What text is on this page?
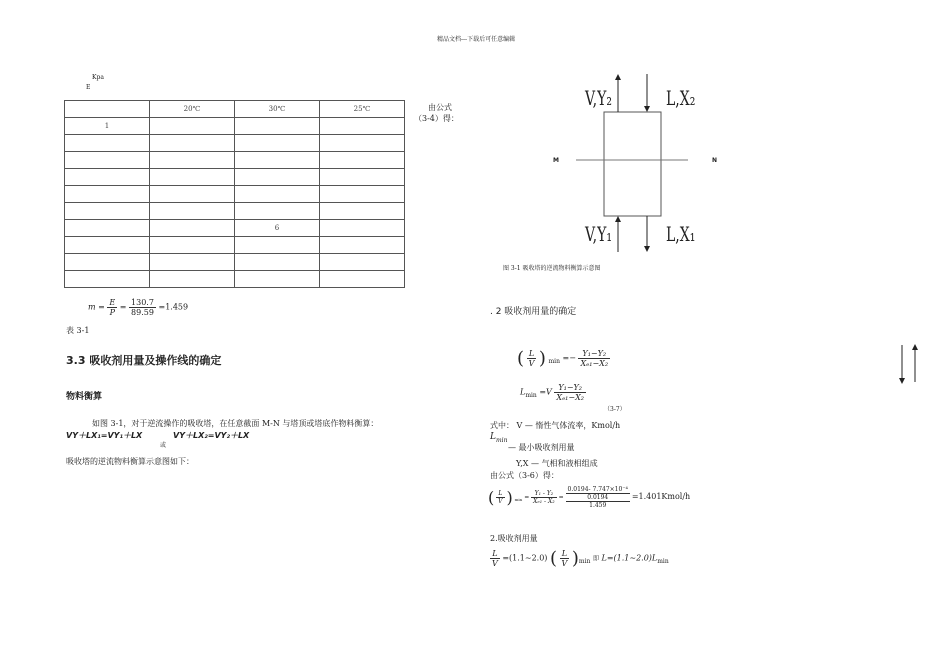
精品文档---下载后可任意编辑
Kpa
E
	20℃	30℃	25℃
1			

		6	

由公式
（3-4）得：
$m = \frac{E}{P} = \frac{130.7}{89.59} =1.459$
表 3-1
3.3 吸收剂用量及操作线的确定
物料衡算
如图 3-1，对于逆流操作的吸收塔，在任意截面 M-N 与塔顶或塔底作物料衡算：
VY＋LX₁=VY₁＋LX
或
VY＋LX₂=VY₂＋LX
吸收塔的逆流物料衡算示意图如下：
V,Y₂	L,X₂
V,Y₁	L,X₁
M	N
图 3-1 吸收塔的逆流物料衡算示意图
. 2 吸收剂用量的确定
( $\frac{L}{V}$ ) $_{min} =- \frac{\text{Y₁−Y₂}}{\text{Xₑ₁−X₂}}$
$L_{min} =V \frac{\text{Y₁−Y₂}}{\text{Xₑ₁−X₂}}$
（3-7）
式中： V — 惰性气体流率，Kmol/h
$L_{min}$
— 最小吸收剂用量
Y,X — 气相和液相组成
由公式（3-6）得：
( $\frac{L}{V}$ ) $_{min} = \frac{\text{Y₁ - Y₂}}{\text{Xₑ₁ - X₂}}$ =
0.0194- 7.747×10⁻⁴
0.0194
1.459
=1.401Kmol/h
2.吸收剂用量
$\frac{L}{V}$ =(1.1~2.0) ( $\frac{L}{V} )_{min}$ 即 $L=(1.1\sim 2.0)L_{min}$
